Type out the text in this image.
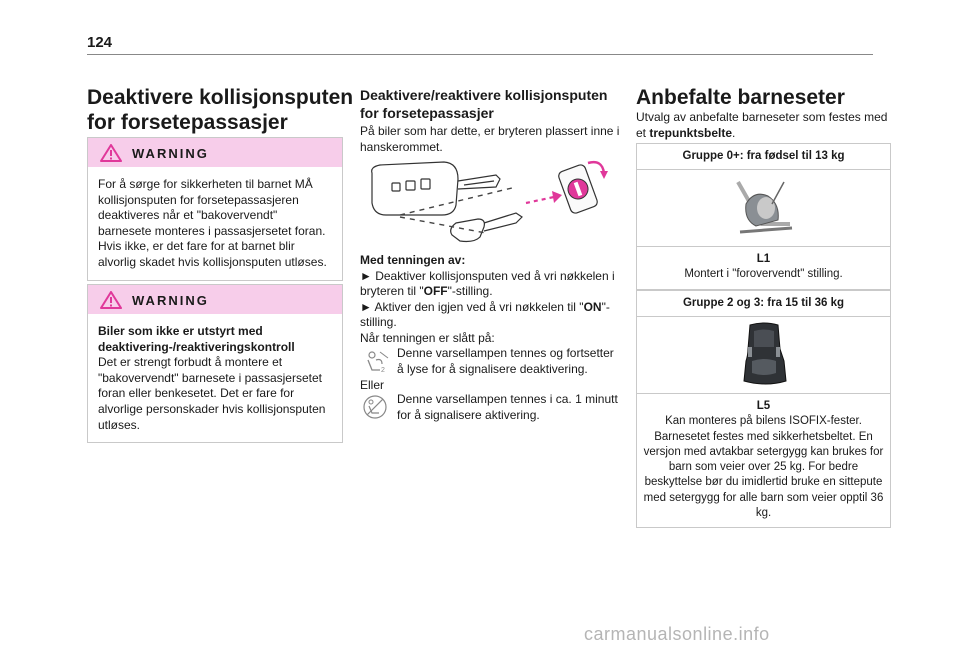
124
Deaktivere kollisjonsputen
for forsetepassasjer
WARNING
For å sørge for sikkerheten til barnet MÅ kollisjonsputen for forsetepassasjeren deaktiveres når et "bakovervendt" barnesete monteres i passasjersetet foran. Hvis ikke, er det fare for at barnet blir alvorlig skadet hvis kollisjonsputen utløses.
WARNING
Biler som ikke er utstyrt med
deaktivering-/reaktiveringskontroll
Det er strengt forbudt å montere et "bakovervendt" barnesete i passasjersetet foran eller benkesetet. Det er fare for alvorlige personskader hvis kollisjonsputen utløses.
Deaktivere/reaktivere kollisjonsputen
for forsetepassasjer

På biler som har dette, er bryteren plassert inne i hanskerommet.

Med tenningen av:
► Deaktiver kollisjonsputen ved å vri nøkkelen i bryteren til "OFF"-stilling.
► Aktiver den igjen ved å vri nøkkelen til "ON"-stilling.
Når tenningen er slått på:
2

Denne varsellampen tennes og fortsetter å lyse for å signalisere deaktivering.

Eller

Denne varsellampen tennes i ca. 1 minutt for å signalisere aktivering.

Anbefalte barneseter

Utvalg av anbefalte barneseter som festes med et trepunktsbelte.

Gruppe 0+: fra fødsel til 13 kg
L1
Montert i "forovervendt" stilling.
Gruppe 2 og 3: fra 15 til 36 kg
L5
Kan monteres på bilens ISOFIX-fester. Barnesetet festes med sikkerhetsbeltet. En versjon med avtakbar setergygg kan brukes for barn som veier over 25 kg. For bedre beskyttelse bør du imidlertid bruke en sittepute med setergygg for alle barn som veier opptil 36 kg.
carmanualsonline.info
